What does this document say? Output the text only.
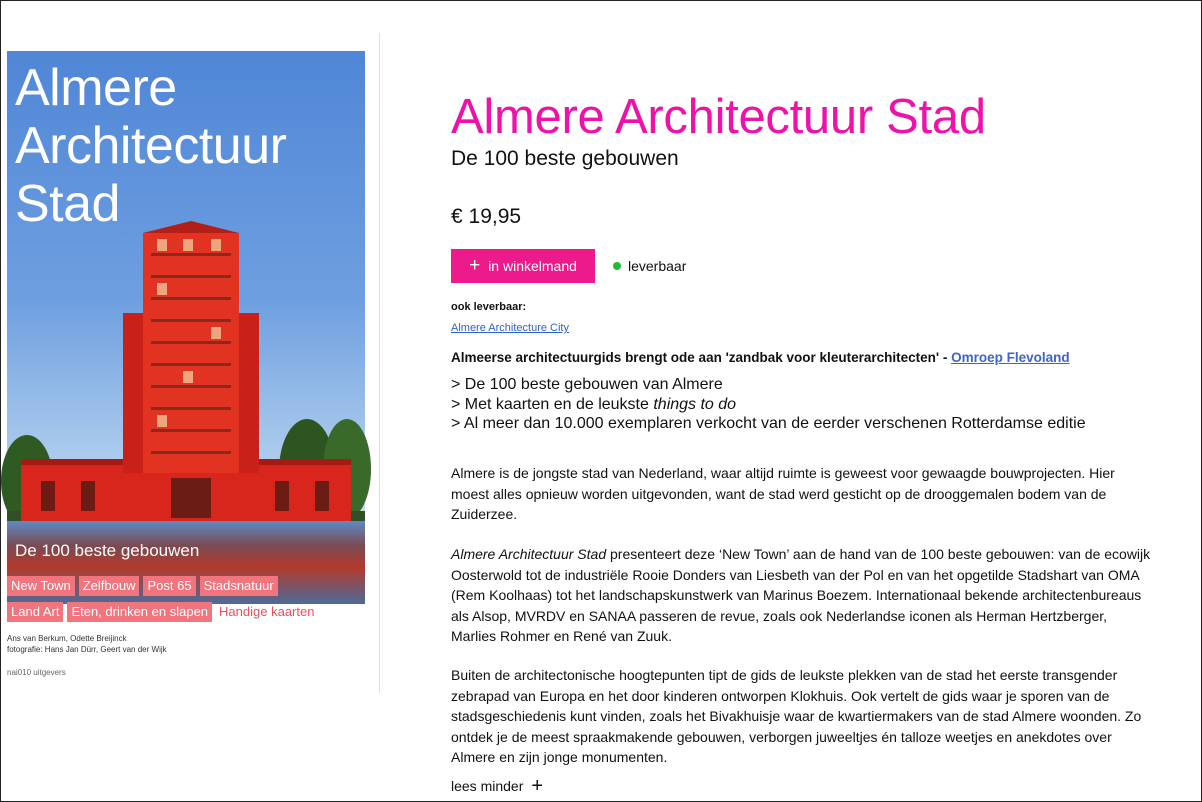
Almere
Architectuur
Stad

De 100 beste gebouwen

New Town Zelfbouw Post 65 Stadsnatuur
Land Art Eten, drinken en slapen Handige kaarten
Ans van Berkum, Odette Breijinck
fotografie: Hans Jan Dürr, Geert van der Wijk
nai010 uitgevers
Almere Architectuur Stad
De 100 beste gebouwen
€ 19,95
+ in winkelmand	leverbaar
ook leverbaar:
Almere Architecture City
Almeerse architectuurgids brengt ode aan 'zandbak voor kleuterarchitecten' - Omroep Flevoland
> De 100 beste gebouwen van Almere
> Met kaarten en de leukste things to do
> Al meer dan 10.000 exemplaren verkocht van de eerder verschenen Rotterdamse editie

Almere is de jongste stad van Nederland, waar altijd ruimte is geweest voor gewaagde bouwprojecten. Hier moest alles opnieuw worden uitgevonden, want de stad werd gesticht op de drooggemalen bodem van de Zuiderzee.

Almere Architectuur Stad presenteert deze ‘New Town’ aan de hand van de 100 beste gebouwen: van de ecowijk Oosterwold tot de industriële Rooie Donders van Liesbeth van der Pol en van het opgetilde Stadshart van OMA (Rem Koolhaas) tot het landschapskunstwerk van Marinus Boezem. Internationaal bekende architectenbureaus als Alsop, MVRDV en SANAA passeren de revue, zoals ook Nederlandse iconen als Herman Hertzberger, Marlies Rohmer en René van Zuuk.

Buiten de architectonische hoogtepunten tipt de gids de leukste plekken van de stad het eerste transgender zebrapad van Europa en het door kinderen ontworpen Klokhuis. Ook vertelt de gids waar je sporen van de stadsgeschiedenis kunt vinden, zoals het Bivakhuisje waar de kwartiermakers van de stad Almere woonden. Zo ontdek je de meest spraakmakende gebouwen, verborgen juweeltjes én talloze weetjes en anekdotes over Almere en zijn jonge monumenten.

lees minder +
